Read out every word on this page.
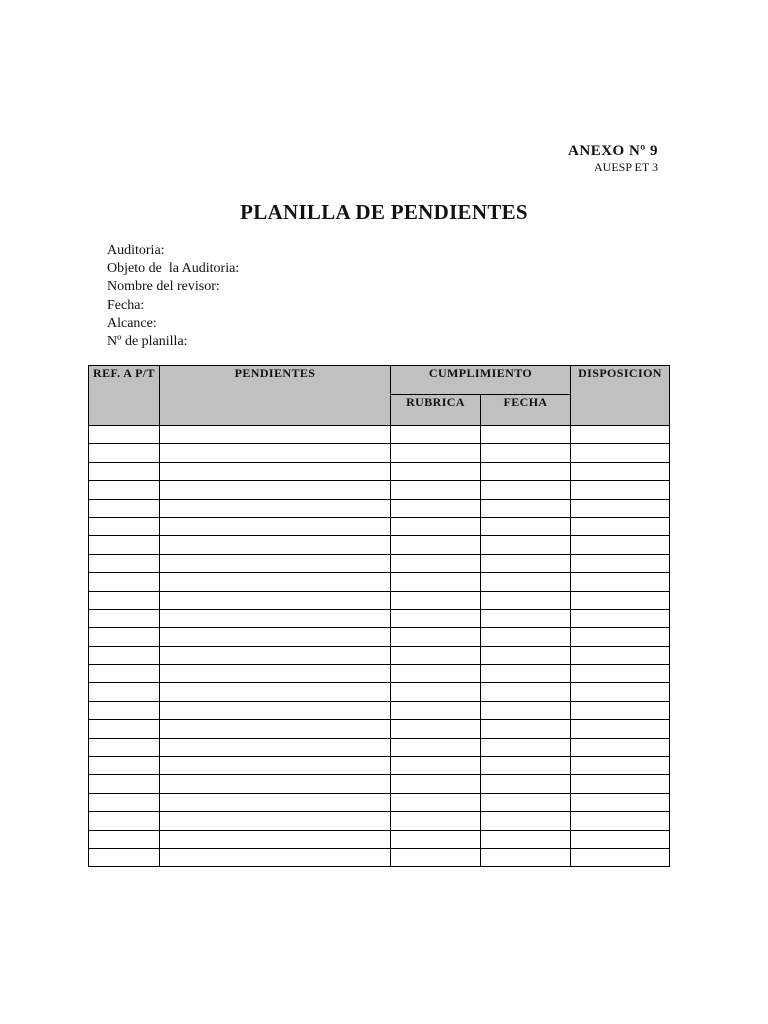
ANEXO Nº 9
AUESP ET 3
PLANILLA DE PENDIENTES
Auditoria:
Objeto de  la Auditoria:
Nombre del revisor:
Fecha:
Alcance:
Nº de planilla:
REF. A P/T	PENDIENTES	CUMPLIMIENTO		DISPOSICION
		RUBRICA	FECHA	
